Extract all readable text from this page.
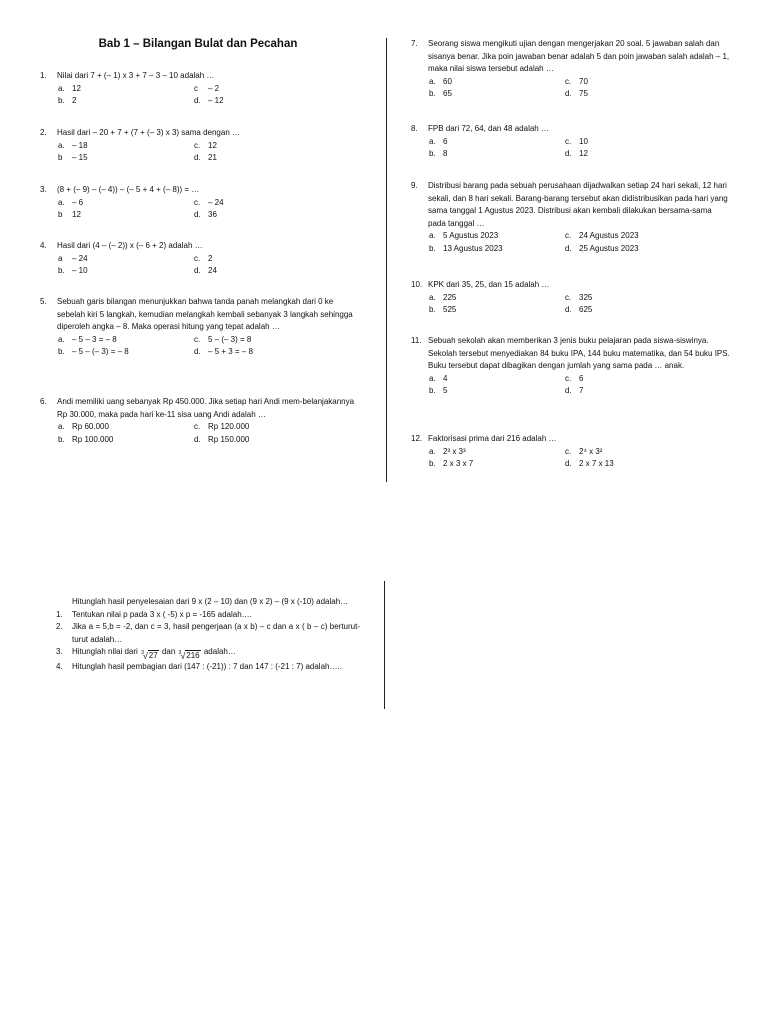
Bab 1 – Bilangan Bulat dan Pecahan
1.	Nilai dari 7 + (– 1) x 3 + 7 – 3 – 10 adalah …
a. 12	c	– 2
b. 2	d. – 12
2.	Hasil dari – 20 + 7 + (7 + (– 3) x 3) sama dengan …
a. – 18	c. 12
b	– 15	d. 21
3.	(8 + (– 9) – (– 4)) – (– 5 + 4 + (– 8)) = …
a. – 6	c. – 24
b	12	d. 36
4.	Hasil dari (4 – (– 2)) x (– 6 + 2) adalah …
a	– 24	c. 2
b. – 10	d. 24
5.	Sebuah garis bilangan menunjukkan bahwa tanda panah melangkah dari 0 ke sebelah kiri 5 langkah, kemudian melangkah kembali sebanyak 3 langkah sehingga diperoleh angka – 8. Maka operasi hitung yang tepat adalah …
a. – 5 – 3 = – 8	c. 5 – (– 3) = 8
b. – 5 – (– 3) = – 8	d. – 5 + 3 = – 8
6.	Andi memiliki uang sebanyak Rp 450.000. Jika setiap hari Andi mem-belanjakannya Rp 30.000, maka pada hari ke-11 sisa uang Andi adalah …
a. Rp 60.000	c. Rp 120.000
b. Rp 100.000	d. Rp 150.000
7.	Seorang siswa mengikuti ujian dengan mengerjakan 20 soal. 5 jawaban salah dan sisanya benar. Jika poin jawaban benar adalah 5 dan poin jawaban salah adalah – 1, maka nilai siswa tersebut adalah …
a. 60	c. 70
b. 65	d. 75
8.	FPB dari 72, 64, dan 48 adalah …
a. 6	c. 10
b. 8	d. 12
9.	Distribusi barang pada sebuah perusahaan dijadwalkan setiap 24 hari sekali, 12 hari sekali, dan 8 hari sekali. Barang-barang tersebut akan didistribusikan pada hari yang sama tanggal 1 Agustus 2023. Distribusi akan kembali dilakukan bersama-sama pada tanggal …
a. 5 Agustus 2023	c. 24 Agustus 2023
b. 13 Agustus 2023	d. 25 Agustus 2023
10. KPK dari 35, 25, dan 15 adalah …
a. 225	c. 325
b. 525	d. 625
11. Sebuah sekolah akan memberikan 3 jenis buku pelajaran pada siswa-siswinya. Sekolah tersebut menyediakan 84 buku IPA, 144 buku matematika, dan 54 buku IPS. Buku tersebut dapat dibagikan dengan jumlah yang sama pada … anak.
a. 4	c. 6
b. 5	d. 7
12. Faktorisasi prima dari 216 adalah …
a. 2³ x 3³	c. 2⁴ x 3²
b. 2 x 3 x 7	d. 2 x 7 x 13
Hitunglah hasil penyelesaian dari 9 x (2 – 10) dan (9 x 2) – (9 x (-10) adalah…
1.	Tentukan nilai p pada 3 x ( -5) x p = -165 adalah….
2.	Jika a = 5,b = -2, dan c = 3, hasil pengerjaan (a x b) – c dan a x ( b – c) berturut-turut adalah…
3.	Hitunglah nilai dari 3 √ 27 dan 3 √ 216 adalah…
4.	Hitunglah hasil pembagian dari (147 : (-21)) : 7 dan 147 : (-21 : 7) adalah…..
